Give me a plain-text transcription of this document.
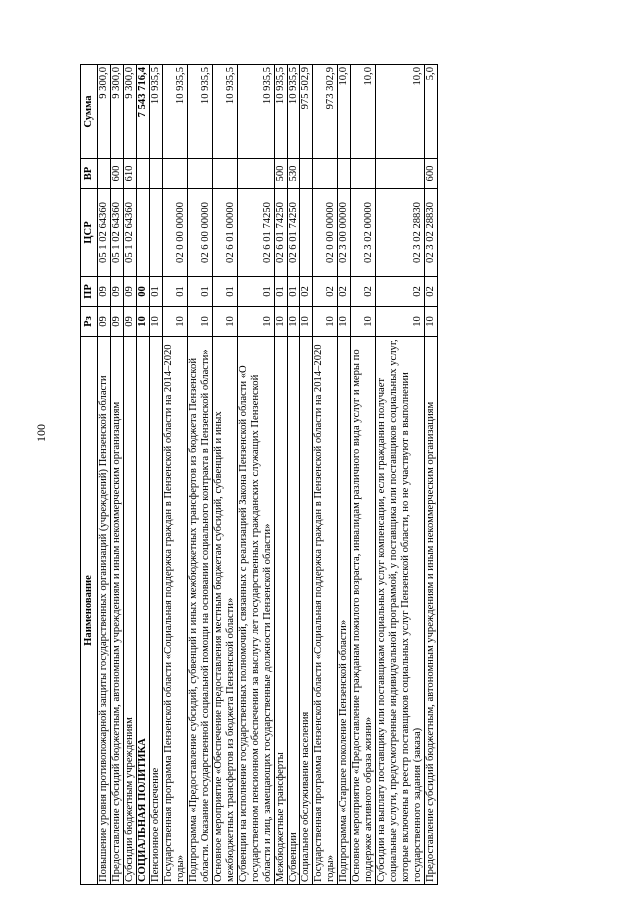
100
Наименование	Рз	ПР	ЦСР	ВР	Сумма
Повышение уровня противопожарной защиты государственных организаций (учреждений) Пензенской области	09	09	05 1 02 64360		9 300,0
Предоставление субсидий бюджетным, автономным учреждениям и иным некоммерческим организациям	09	09	05 1 02 64360	600	9 300,0
Субсидии бюджетным учреждениям	09	09	05 1 02 64360	610	9 300,0
СОЦИАЛЬНАЯ ПОЛИТИКА	10	00			7 543 716,4
Пенсионное обеспечение	10	01			10 935,5
Государственная программа Пензенской области «Социальная поддержка граждан в Пензенской области на 2014–2020 годы»	10	01	02 0 00 00000		10 935,5
Подпрограмма «Предоставление субсидий, субвенций и иных межбюджетных трансфертов из бюджета Пензенской области. Оказание государственной социальной помощи на основании социального контракта в Пензенской области»	10	01	02 6 00 00000		10 935,5
Основное мероприятие «Обеспечение предоставления местным бюджетам субсидий, субвенций и иных межбюджетных трансфертов из бюджета Пензенской области»	10	01	02 6 01 00000		10 935,5
Субвенции на исполнение государственных полномочий, связанных с реализацией Закона Пензенской области «О государственном пенсионном обеспечении за выслугу лет государственных гражданских служащих Пензенской области и лиц, замещающих государственные должности Пензенской области»	10	01	02 6 01 74250		10 935,5
Межбюджетные трансферты	10	01	02 6 01 74250	500	10 935,5
Субвенции	10	01	02 6 01 74250	530	10 935,5
Социальное обслуживание населения	10	02			975 502,9
Государственная программа Пензенской области «Социальная поддержка граждан в Пензенской области на 2014–2020 годы»	10	02	02 0 00 00000		973 302,9
Подпрограмма «Старшее поколение Пензенской области»	10	02	02 3 00 00000		10,0
Основное мероприятие «Предоставление гражданам пожилого возраста, инвалидам различного вида услуг и меры по поддержке активного образа жизни»	10	02	02 3 02 00000		10,0
Субсидии на выплату поставщику или поставщикам социальных услуг компенсации, если гражданин получает социальные услуги, предусмотренные индивидуальной программой, у поставщика или поставщиков социальных услуг, которые включены в реестр поставщиков социальных услуг Пензенской области, но не участвуют в выполнении государственного задания (заказа)	10	02	02 3 02 28830		10,0
Предоставление субсидий бюджетным, автономным учреждениям и иным некоммерческим организациям	10	02	02 3 02 28830	600	5,0
